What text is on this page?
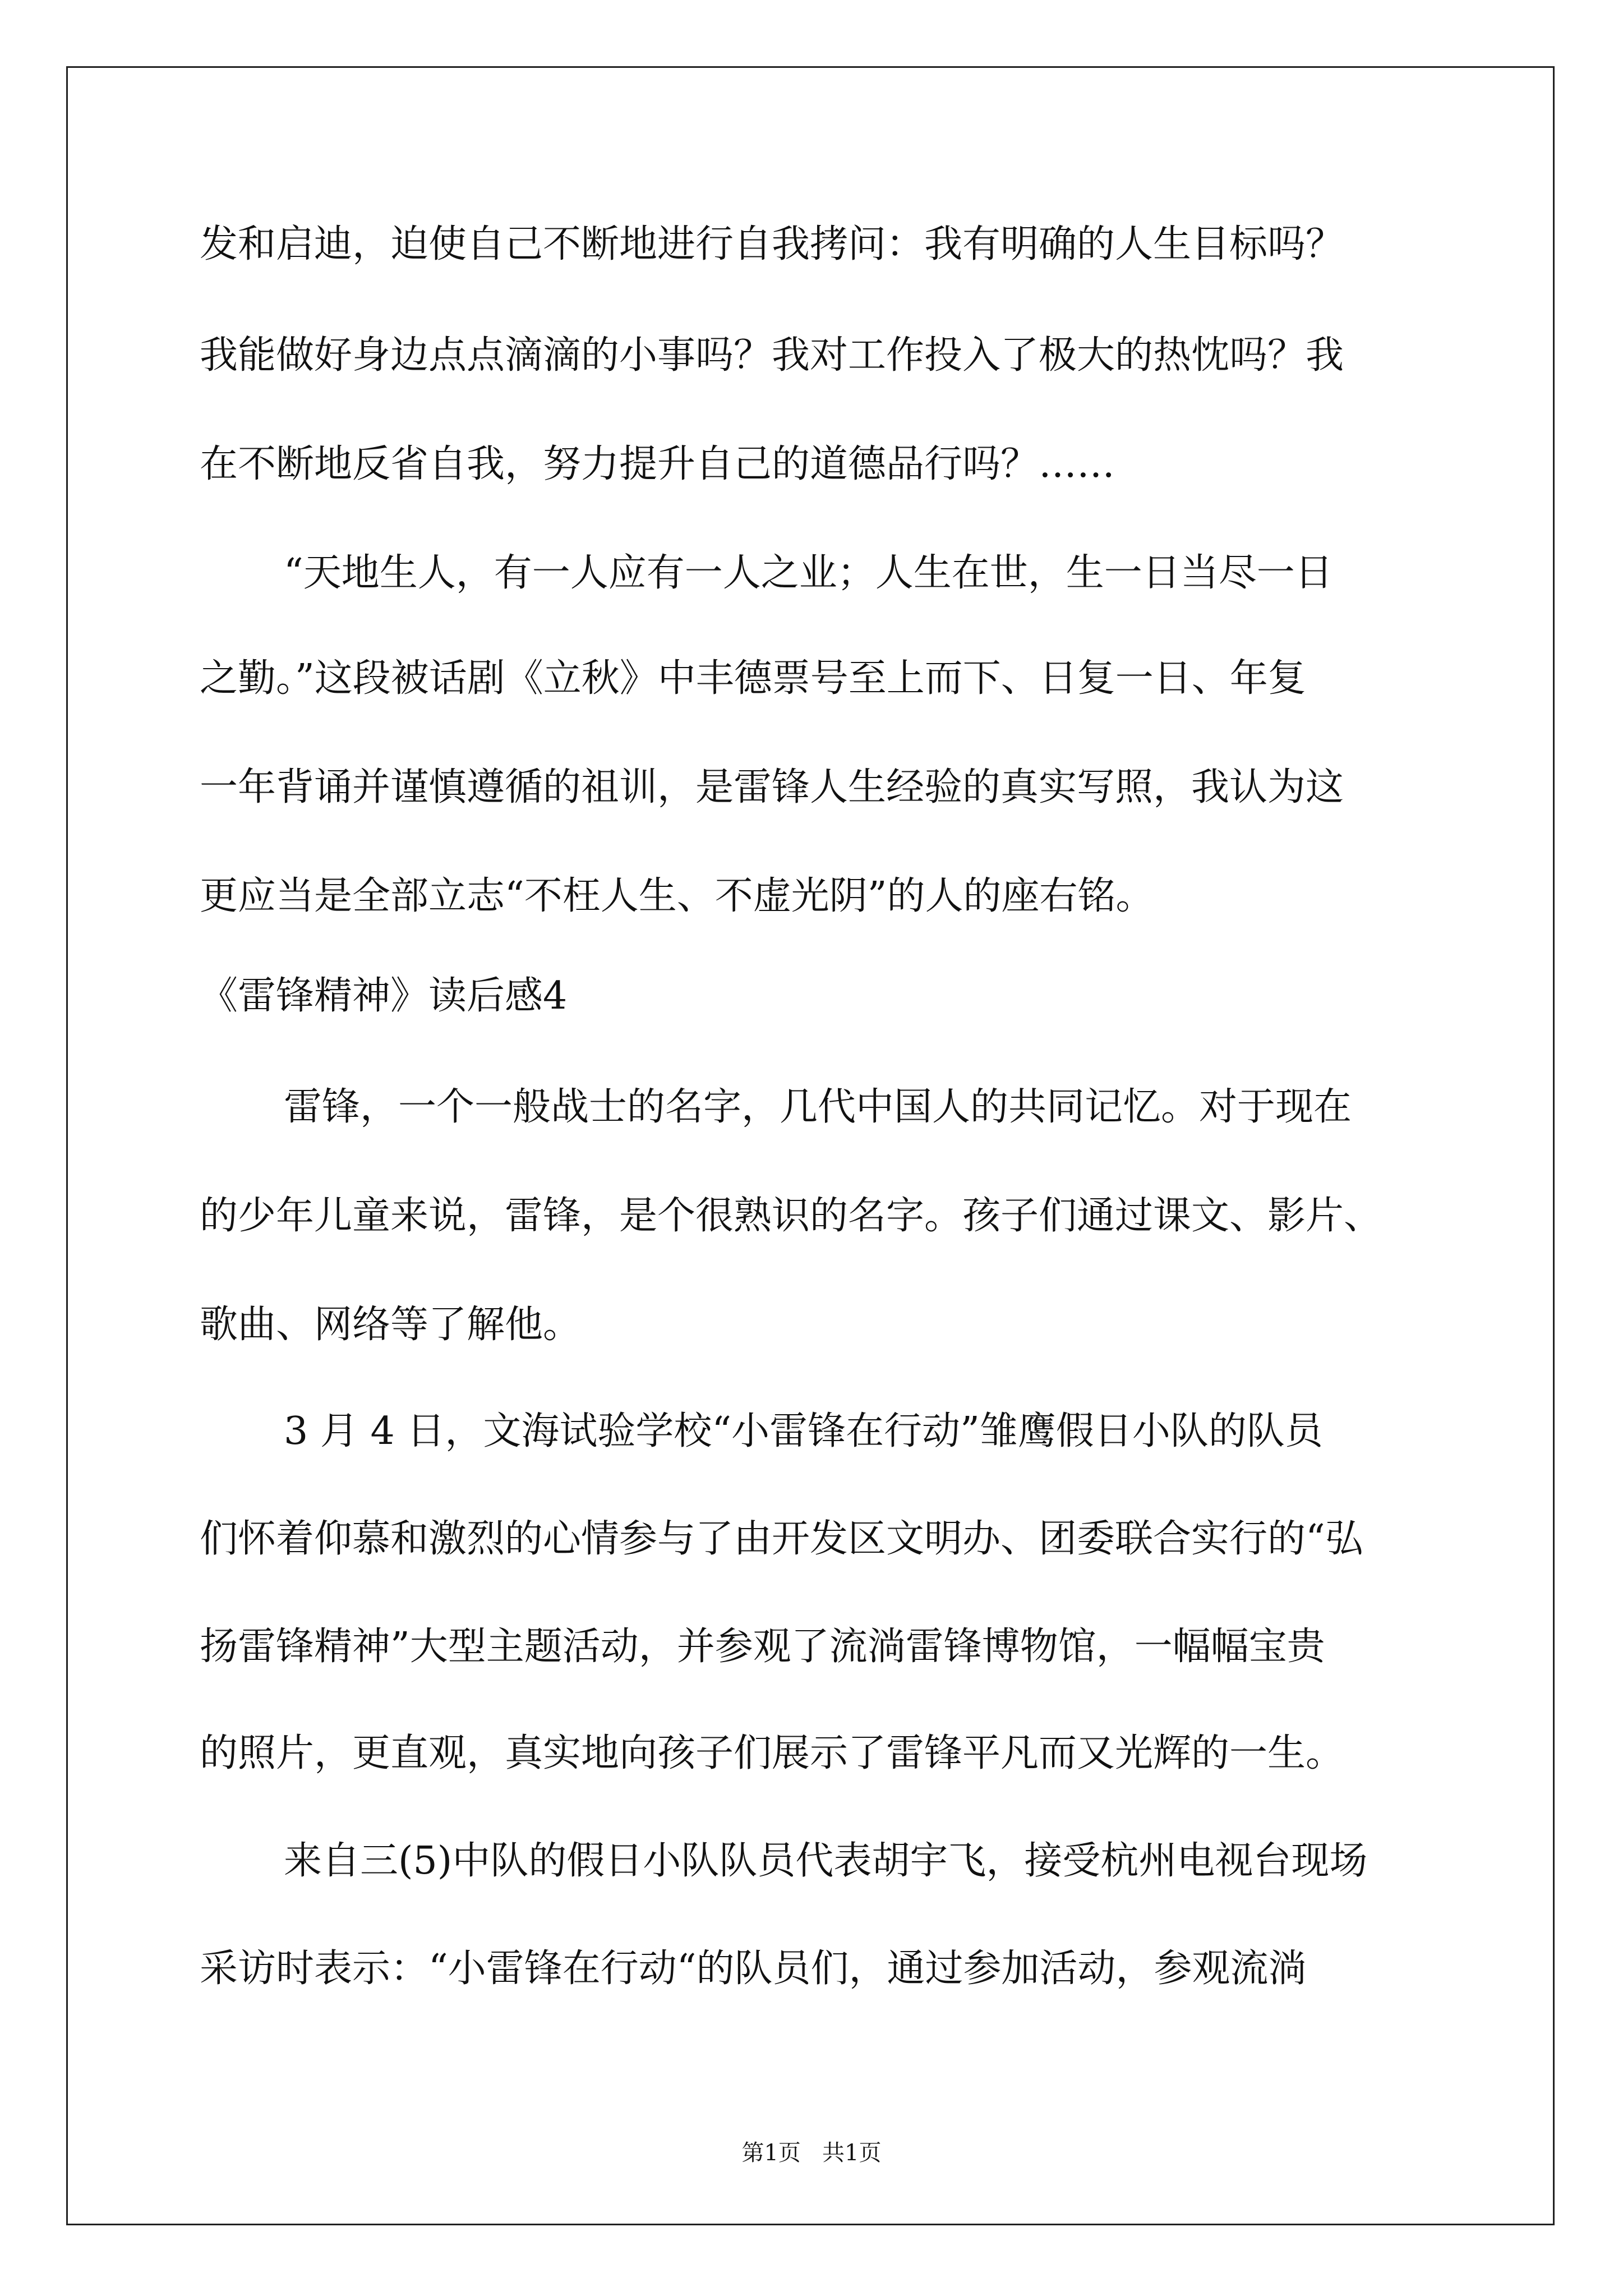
发和启迪，迫使自己不断地进行自我拷问：我有明确的人生目标吗？
我能做好身边点点滴滴的小事吗？我对工作投入了极大的热忱吗？我
在不断地反省自我，努力提升自己的道德品行吗？……
“天地生人，有一人应有一人之业；人生在世，生一日当尽一日
之勤。”这段被话剧《立秋》中丰德票号至上而下、日复一日、年复
一年背诵并谨慎遵循的祖训，是雷锋人生经验的真实写照，我认为这
更应当是全部立志“不枉人生、不虚光阴”的人的座右铭。
《雷锋精神》读后感4
雷锋，一个一般战士的名字，几代中国人的共同记忆。对于现在
的少年儿童来说，雷锋，是个很熟识的名字。孩子们通过课文、影片、
歌曲、网络等了解他。
3 月 4 日，文海试验学校“小雷锋在行动”雏鹰假日小队的队员
们怀着仰慕和激烈的心情参与了由开发区文明办、团委联合实行的“弘
扬雷锋精神”大型主题活动，并参观了流淌雷锋博物馆，一幅幅宝贵
的照片，更直观，真实地向孩子们展示了雷锋平凡而又光辉的一生。
来自三(5)中队的假日小队队员代表胡宇飞，接受杭州电视台现场
采访时表示：“小雷锋在行动“的队员们，通过参加活动，参观流淌
第1页   共1页
